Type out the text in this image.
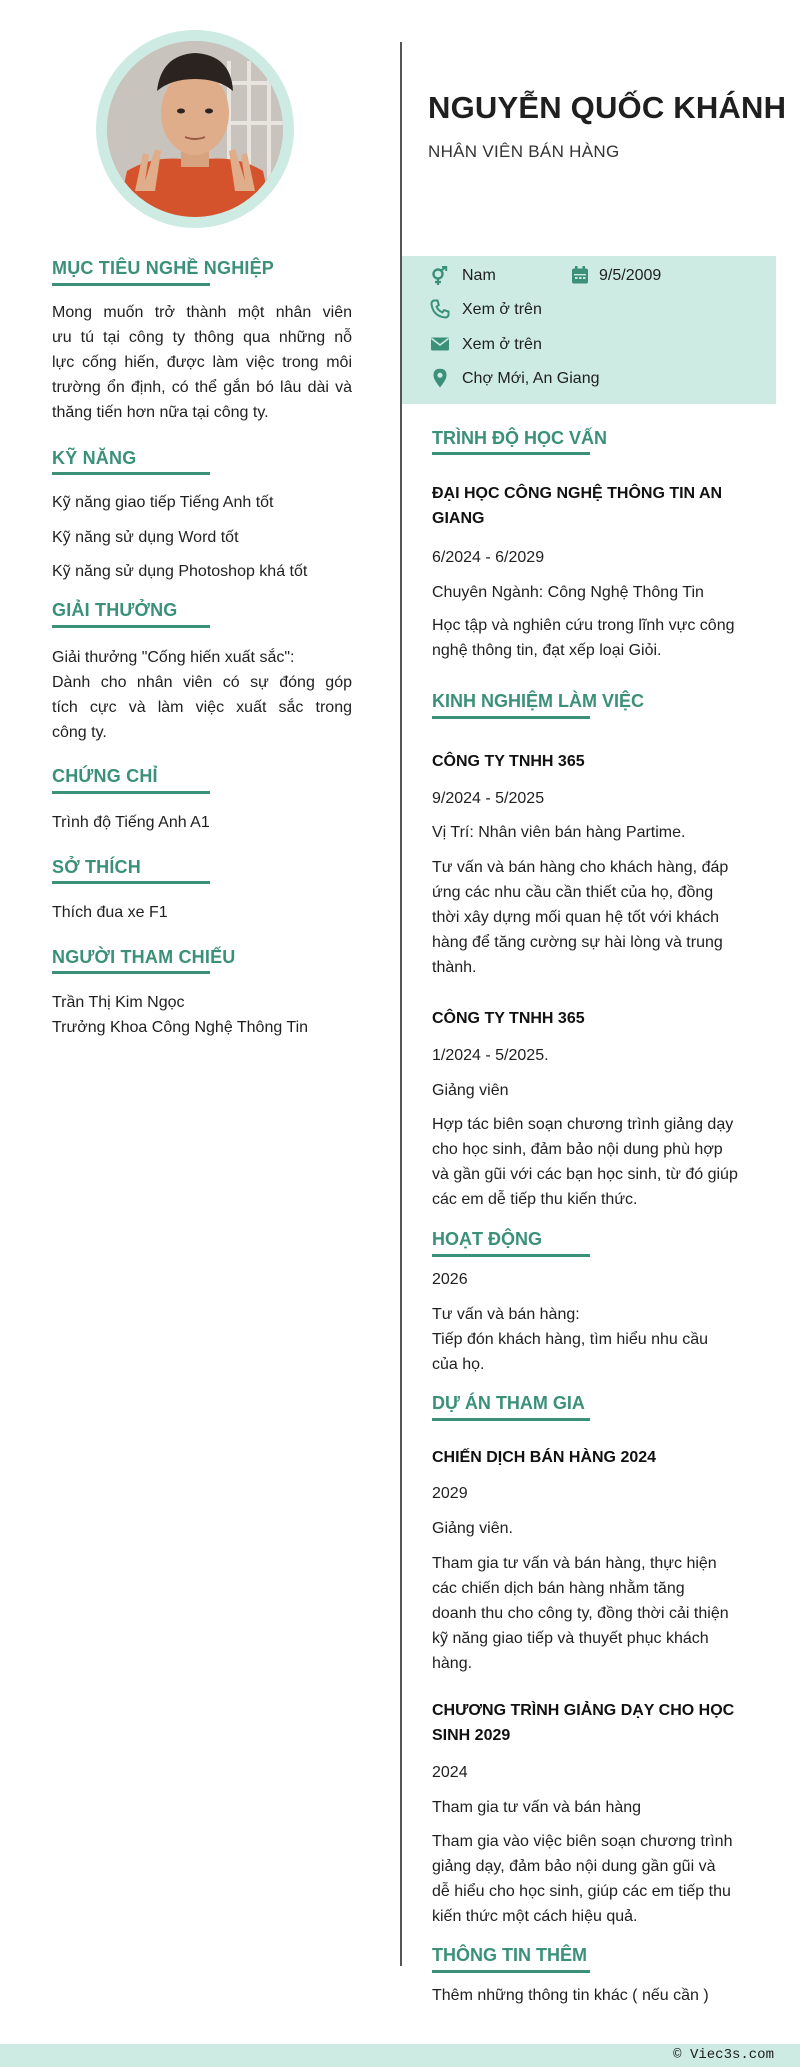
MỤC TIÊU NGHỀ NGHIỆP
Mong muốn trở thành một nhân viên
ưu tú tại công ty thông qua những nỗ
lực cống hiến, được làm việc trong môi
trường ổn định, có thể gắn bó lâu dài và
thăng tiến hơn nữa tại công ty.
KỸ NĂNG
Kỹ năng giao tiếp Tiếng Anh tốt
Kỹ năng sử dụng Word tốt
Kỹ năng sử dụng Photoshop khá tốt
GIẢI THƯỞNG
Giải thưởng "Cống hiến xuất sắc":
Dành cho nhân viên có sự đóng góp
tích cực và làm việc xuất sắc trong
công ty.
CHỨNG CHỈ
Trình độ Tiếng Anh A1
SỞ THÍCH
Thích đua xe F1
NGƯỜI THAM CHIẾU
Trần Thị Kim Ngọc
Trưởng Khoa Công Nghệ Thông Tin
NGUYỄN QUỐC KHÁNH
NHÂN VIÊN BÁN HÀNG
Nam	9/5/2009
Xem ở trên
Xem ở trên
Chợ Mới, An Giang
TRÌNH ĐỘ HỌC VẤN
ĐẠI HỌC CÔNG NGHỆ THÔNG TIN AN
GIANG
6/2024 - 6/2029
Chuyên Ngành: Công Nghệ Thông Tin
Học tập và nghiên cứu trong lĩnh vực công
nghệ thông tin, đạt xếp loại Giỏi.
KINH NGHIỆM LÀM VIỆC
CÔNG TY TNHH 365
9/2024 - 5/2025
Vị Trí: Nhân viên bán hàng Partime.
Tư vấn và bán hàng cho khách hàng, đáp
ứng các nhu cầu cần thiết của họ, đồng
thời xây dựng mối quan hệ tốt với khách
hàng để tăng cường sự hài lòng và trung
thành.
CÔNG TY TNHH 365
1/2024 - 5/2025.
Giảng viên
Hợp tác biên soạn chương trình giảng dạy
cho học sinh, đảm bảo nội dung phù hợp
và gần gũi với các bạn học sinh, từ đó giúp
các em dễ tiếp thu kiến thức.
HOẠT ĐỘNG
2026
Tư vấn và bán hàng:
Tiếp đón khách hàng, tìm hiểu nhu cầu
của họ.
DỰ ÁN THAM GIA
CHIẾN DỊCH BÁN HÀNG 2024
2029
Giảng viên.
Tham gia tư vấn và bán hàng, thực hiện
các chiến dịch bán hàng nhằm tăng
doanh thu cho công ty, đồng thời cải thiện
kỹ năng giao tiếp và thuyết phục khách
hàng.
CHƯƠNG TRÌNH GIẢNG DẠY CHO HỌC
SINH 2029
2024
Tham gia tư vấn và bán hàng
Tham gia vào việc biên soạn chương trình
giảng dạy, đảm bảo nội dung gần gũi và
dễ hiểu cho học sinh, giúp các em tiếp thu
kiến thức một cách hiệu quả.
THÔNG TIN THÊM
Thêm những thông tin khác ( nếu cần )
© Viec3s.com
